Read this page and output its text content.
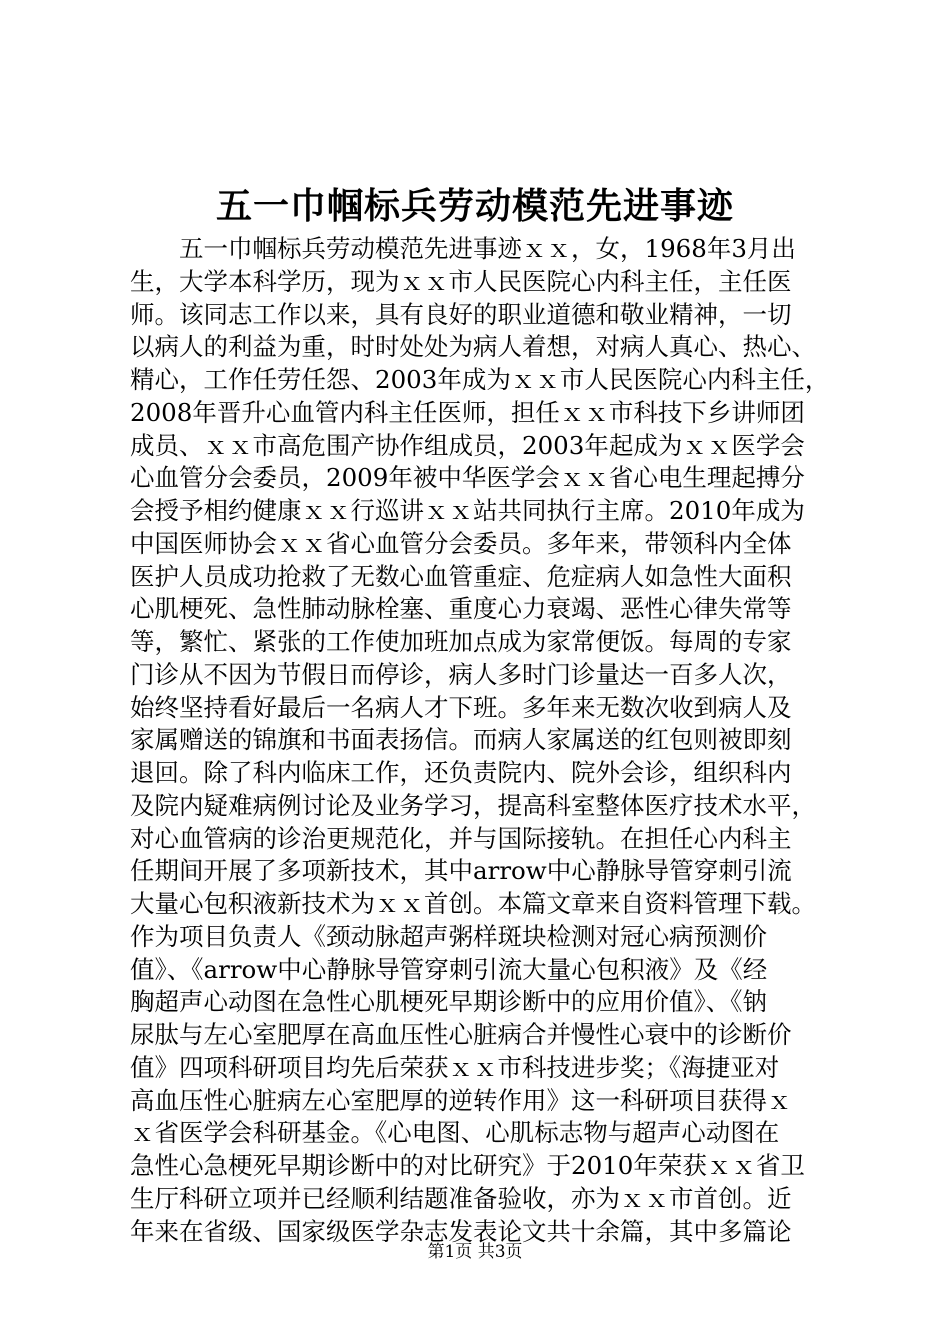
五一巾帼标兵劳动模范先进事迹
　　五一巾帼标兵劳动模范先进事迹ｘｘ，女，1968年3月出
生，大学本科学历，现为ｘｘ市人民医院心内科主任，主任医
师。该同志工作以来，具有良好的职业道德和敬业精神，一切
以病人的利益为重，时时处处为病人着想，对病人真心、热心、
精心，工作任劳任怨、2003年成为ｘｘ市人民医院心内科主任，
2008年晋升心血管内科主任医师，担任ｘｘ市科技下乡讲师团
成员、ｘｘ市高危围产协作组成员，2003年起成为ｘｘ医学会
心血管分会委员，2009年被中华医学会ｘｘ省心电生理起搏分
会授予相约健康ｘｘ行巡讲ｘｘ站共同执行主席。2010年成为
中国医师协会ｘｘ省心血管分会委员。多年来，带领科内全体
医护人员成功抢救了无数心血管重症、危症病人如急性大面积
心肌梗死、急性肺动脉栓塞、重度心力衰竭、恶性心律失常等
等，繁忙、紧张的工作使加班加点成为家常便饭。每周的专家
门诊从不因为节假日而停诊，病人多时门诊量达一百多人次，
始终坚持看好最后一名病人才下班。多年来无数次收到病人及
家属赠送的锦旗和书面表扬信。而病人家属送的红包则被即刻
退回。除了科内临床工作，还负责院内、院外会诊，组织科内
及院内疑难病例讨论及业务学习，提高科室整体医疗技术水平，
对心血管病的诊治更规范化，并与国际接轨。在担任心内科主
任期间开展了多项新技术，其中arrow中心静脉导管穿刺引流
大量心包积液新技术为ｘｘ首创。本篇文章来自资料管理下载。
作为项目负责人《颈动脉超声粥样斑块检测对冠心病预测价
值》、《arrow中心静脉导管穿刺引流大量心包积液》及《经
胸超声心动图在急性心肌梗死早期诊断中的应用价值》、《钠
尿肽与左心室肥厚在高血压性心脏病合并慢性心衰中的诊断价
值》四项科研项目均先后荣获ｘｘ市科技进步奖；《海捷亚对
高血压性心脏病左心室肥厚的逆转作用》这一科研项目获得ｘ
ｘ省医学会科研基金。《心电图、心肌标志物与超声心动图在
急性心急梗死早期诊断中的对比研究》于2010年荣获ｘｘ省卫
生厅科研立项并已经顺利结题准备验收，亦为ｘｘ市首创。近
年来在省级、国家级医学杂志发表论文共十余篇，其中多篇论
第1页 共3页
